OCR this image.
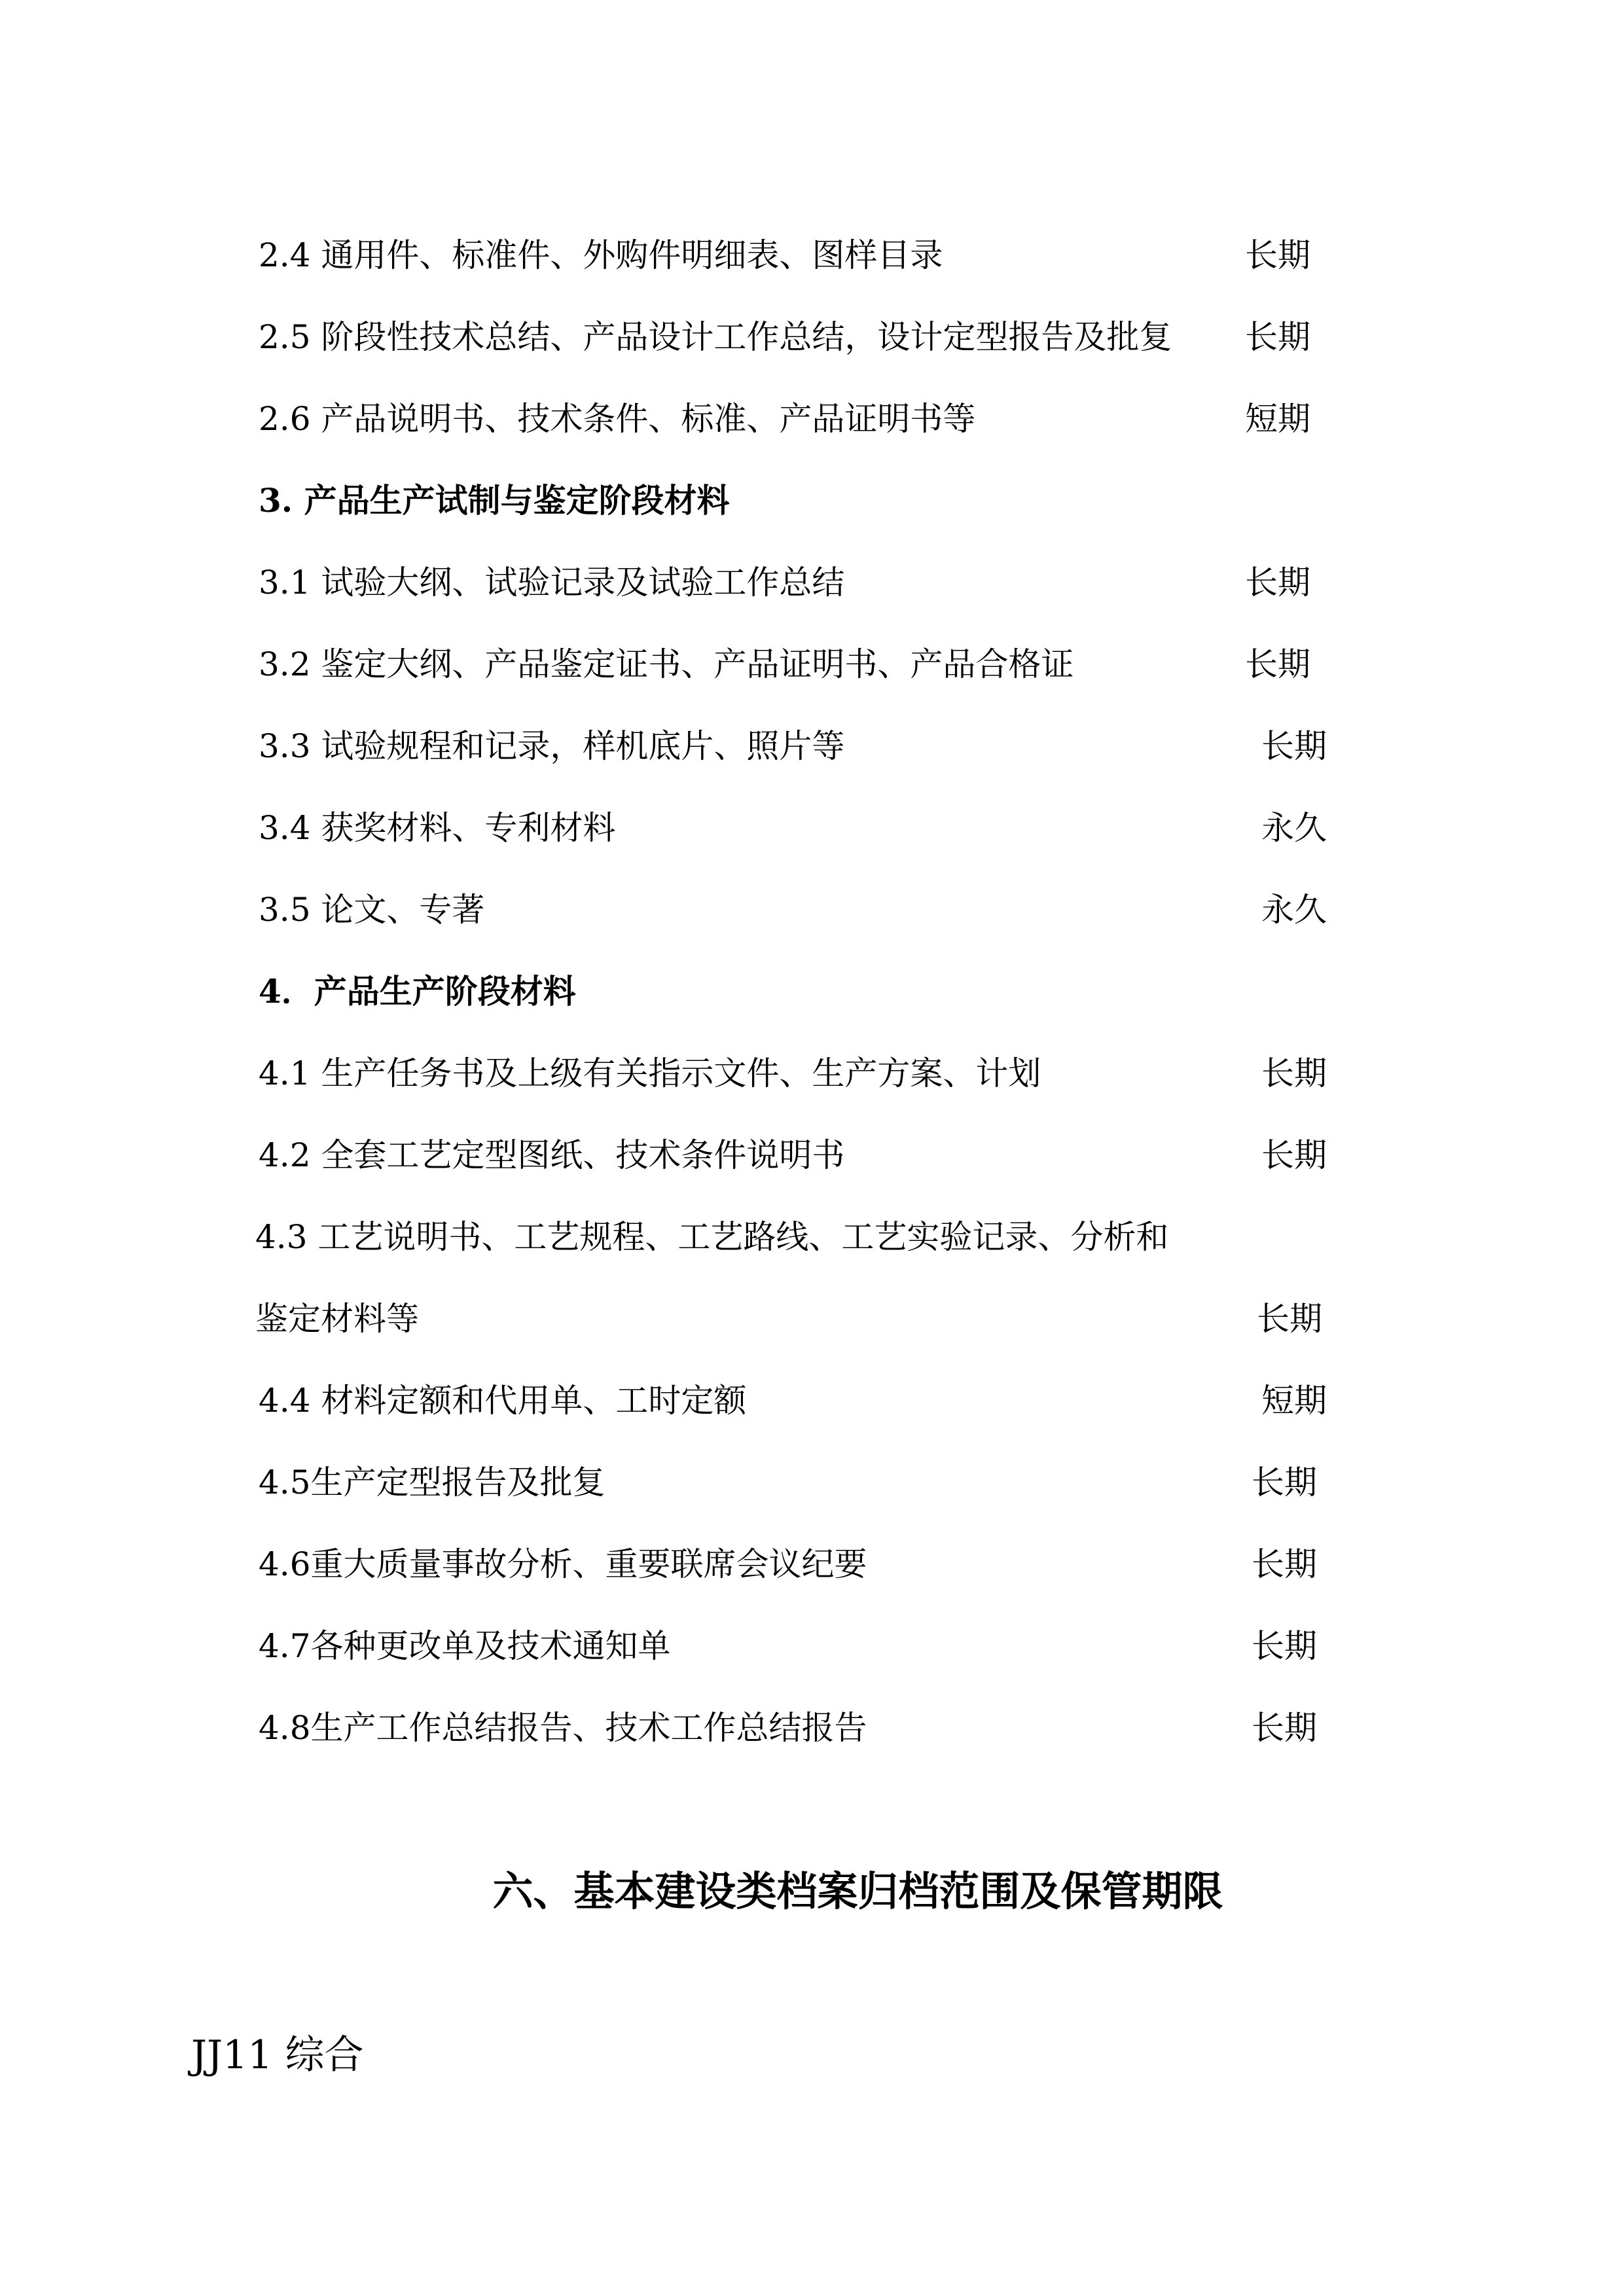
2.4 通用件、标准件、外购件明细表、图样目录	长期
2.5 阶段性技术总结、产品设计工作总结，设计定型报告及批复 长期
2.6 产品说明书、技术条件、标准、产品证明书等	短期
3. 产品生产试制与鉴定阶段材料
3.1 试验大纲、试验记录及试验工作总结	长期
3.2 鉴定大纲、产品鉴定证书、产品证明书、产品合格证	长期
3.3 试验规程和记录，样机底片、照片等	长期
3.4 获奖材料、专利材料	永久
3.5 论文、专著	永久
4．产品生产阶段材料
4.1 生产任务书及上级有关指示文件、生产方案、计划	长期
4.2 全套工艺定型图纸、技术条件说明书	长期
4.3 工艺说明书、工艺规程、工艺路线、工艺实验记录、分析和
鉴定材料等	长期
4.4 材料定额和代用单、工时定额	短期
4.5生产定型报告及批复	长期
4.6重大质量事故分析、重要联席会议纪要	长期
4.7各种更改单及技术通知单	长期
4.8生产工作总结报告、技术工作总结报告	长期
六、基本建设类档案归档范围及保管期限
JJ11 综合
